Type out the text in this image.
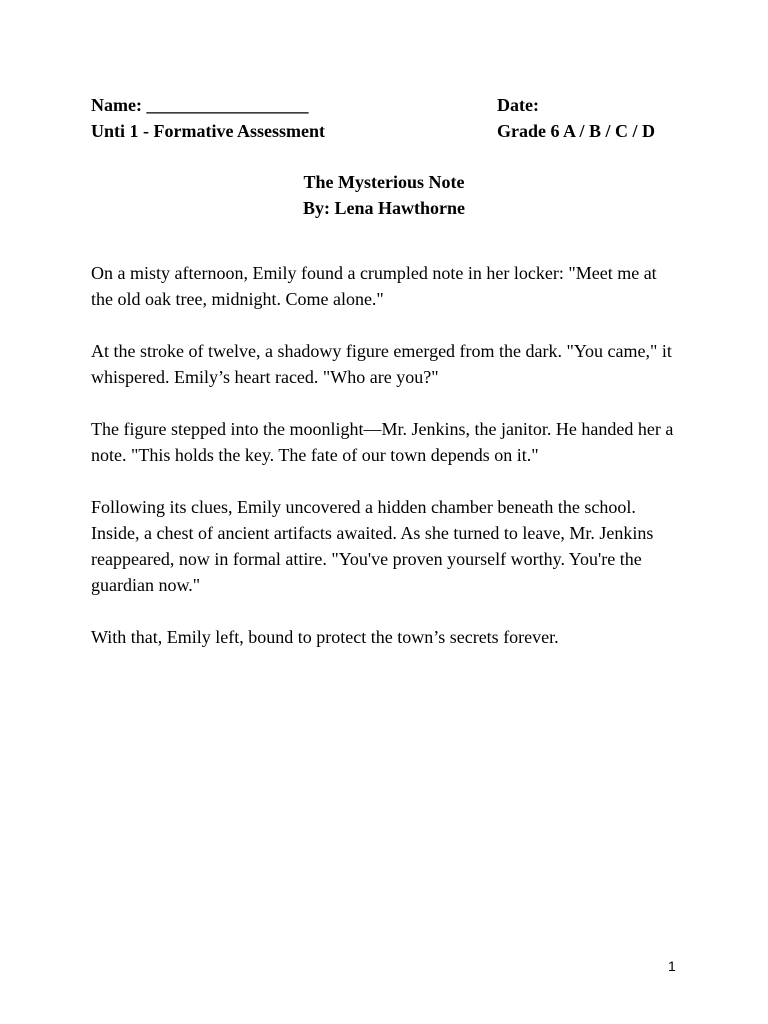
Name: __________________	Date:
Unti 1 - Formative Assessment	Grade 6 A / B / C / D
The Mysterious Note
By: Lena Hawthorne

On a misty afternoon, Emily found a crumpled note in her locker: "Meet me at the old oak tree, midnight. Come alone."

At the stroke of twelve, a shadowy figure emerged from the dark. "You came," it whispered. Emily’s heart raced. "Who are you?"

The figure stepped into the moonlight—Mr. Jenkins, the janitor. He handed her a note. "This holds the key. The fate of our town depends on it."

Following its clues, Emily uncovered a hidden chamber beneath the school. Inside, a chest of ancient artifacts awaited. As she turned to leave, Mr. Jenkins reappeared, now in formal attire. "You've proven yourself worthy. You're the guardian now."

With that, Emily left, bound to protect the town’s secrets forever.

1
